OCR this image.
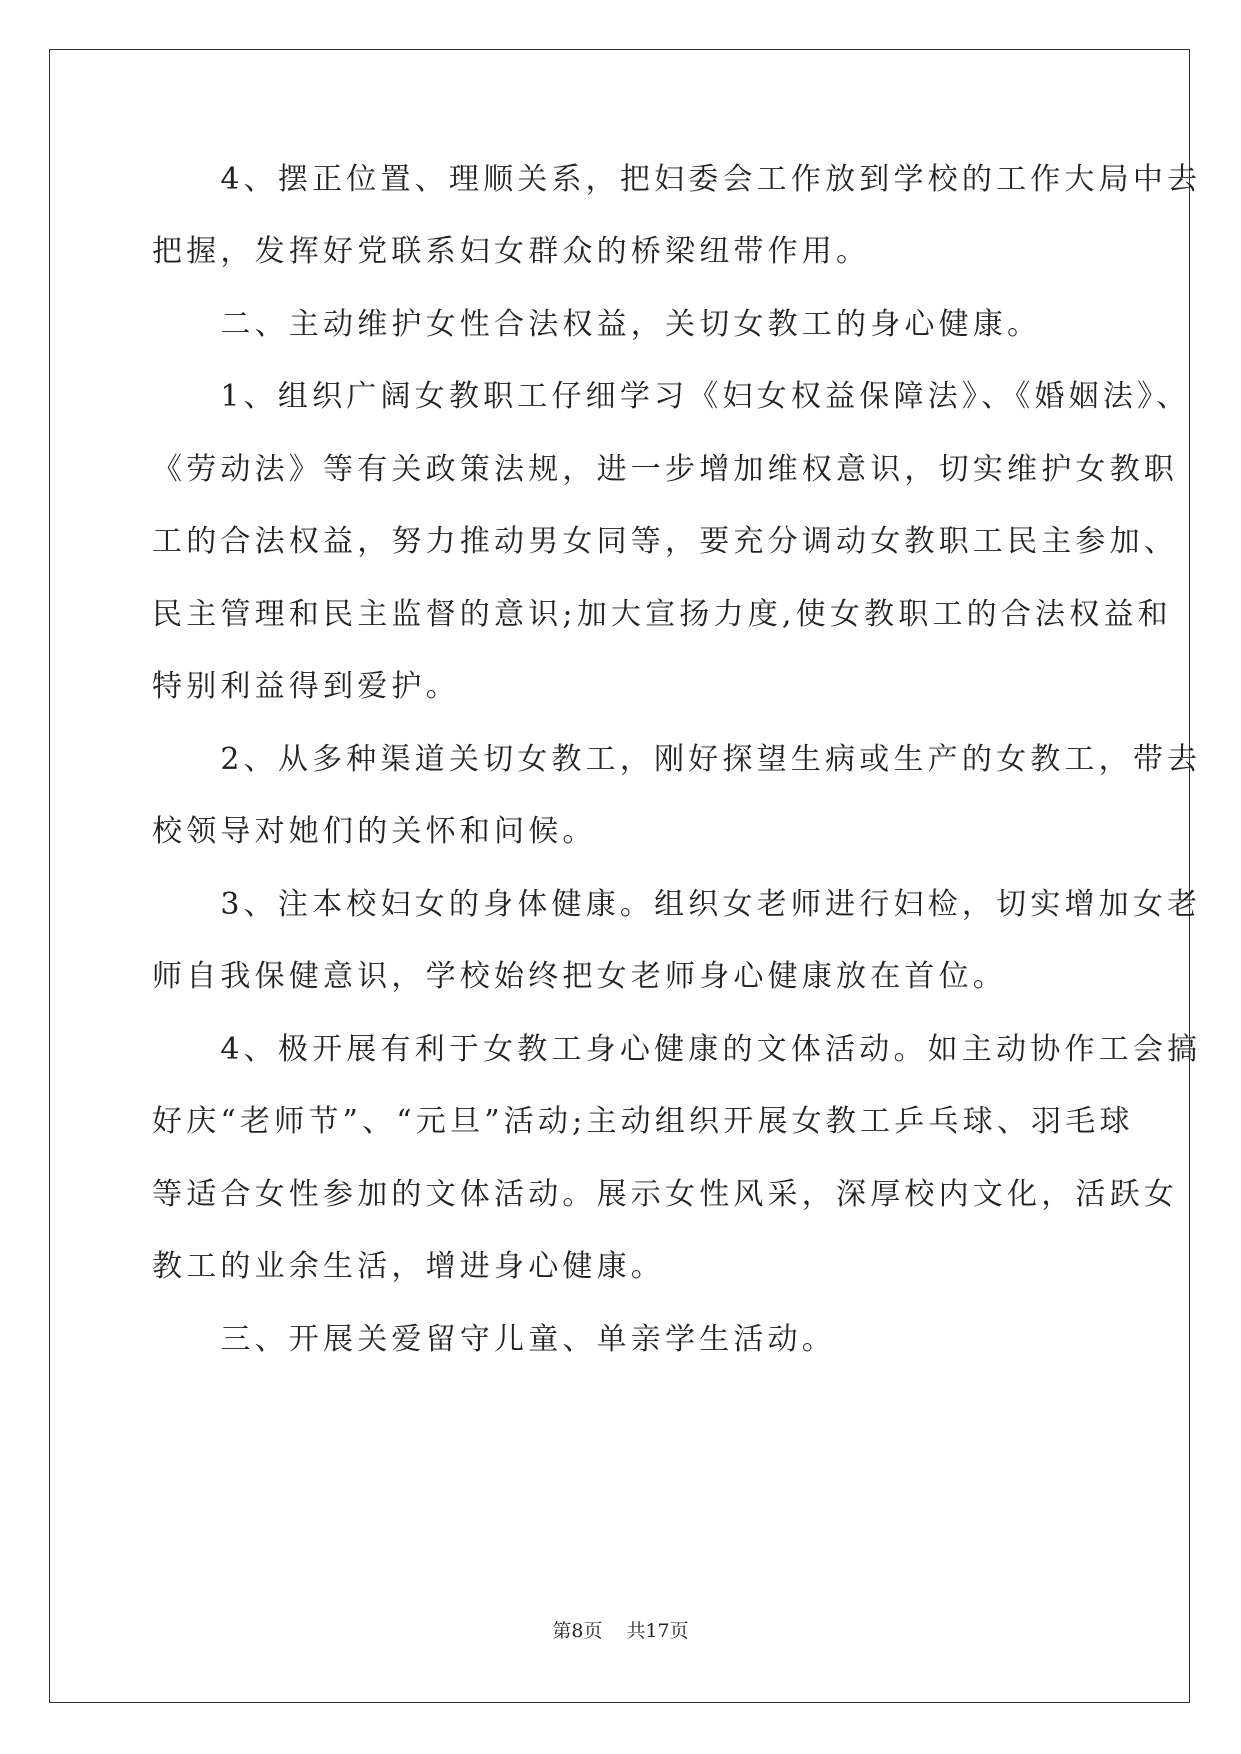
　　4、摆正位置、理顺关系，把妇委会工作放到学校的工作大局中去
把握，发挥好党联系妇女群众的桥梁纽带作用。
　　二、主动维护女性合法权益，关切女教工的身心健康。
　　1、组织广阔女教职工仔细学习《妇女权益保障法》、《婚姻法》、
《劳动法》等有关政策法规，进一步增加维权意识，切实维护女教职
工的合法权益，努力推动男女同等，要充分调动女教职工民主参加、
民主管理和民主监督的意识;加大宣扬力度,使女教职工的合法权益和
特别利益得到爱护。
　　2、从多种渠道关切女教工，刚好探望生病或生产的女教工，带去
校领导对她们的关怀和问候。
　　3、注本校妇女的身体健康。组织女老师进行妇检，切实增加女老
师自我保健意识，学校始终把女老师身心健康放在首位。
　　4、极开展有利于女教工身心健康的文体活动。如主动协作工会搞
好庆“老师节”、“元旦”活动;主动组织开展女教工乒乓球、羽毛球
等适合女性参加的文体活动。展示女性风采，深厚校内文化，活跃女
教工的业余生活，增进身心健康。
　　三、开展关爱留守儿童、单亲学生活动。
第8页 共17页
